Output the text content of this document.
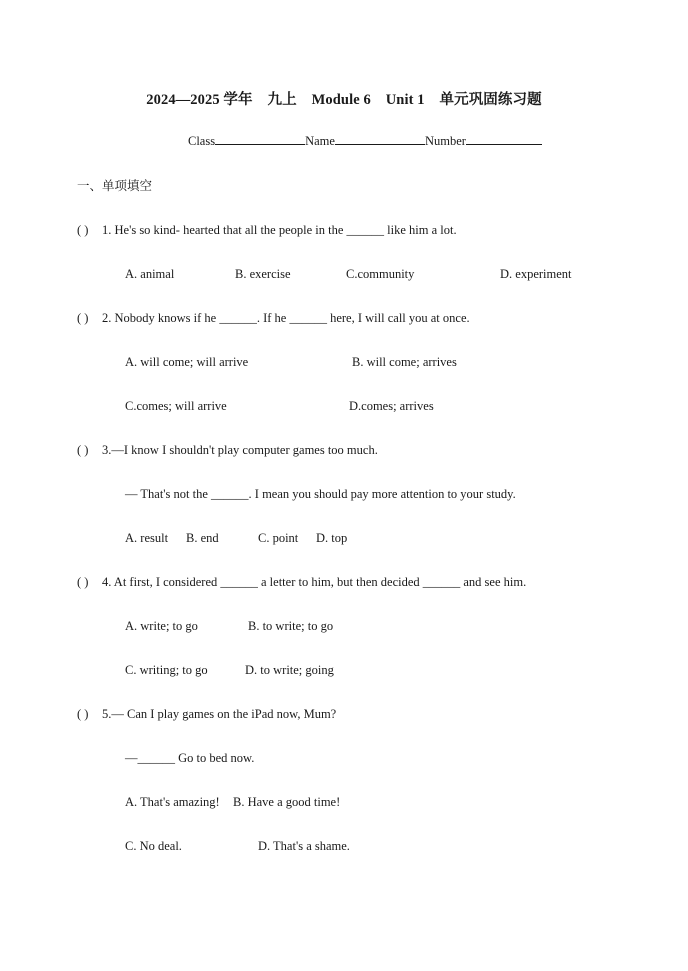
2024—2025 学年    九上    Module 6    Unit 1    单元巩固练习题
Class	Name	Number
一、单项填空
( ) 1. He's so kind- hearted that all the people in the ______ like him a lot.
A. animal	B. exercise	C.community	D. experiment
( ) 2. Nobody knows if he ______. If he ______ here, I will call you at once.
A. will come; will arrive	B. will come; arrives
C.comes; will arrive	D.comes; arrives
( ) 3.—I know I shouldn't play computer games too much.
— That's not the ______. I mean you should pay more attention to your study.
A. result B. end	C. point D. top
( ) 4. At first, I considered ______ a letter to him, but then decided ______ and see him.
A. write; to go	B. to write; to go
C. writing; to go	D. to write; going
( ) 5.— Can I play games on the iPad now, Mum?
—______ Go to bed now.
A. That's amazing! B. Have a good time!
C. No deal.	D. That's a shame.
